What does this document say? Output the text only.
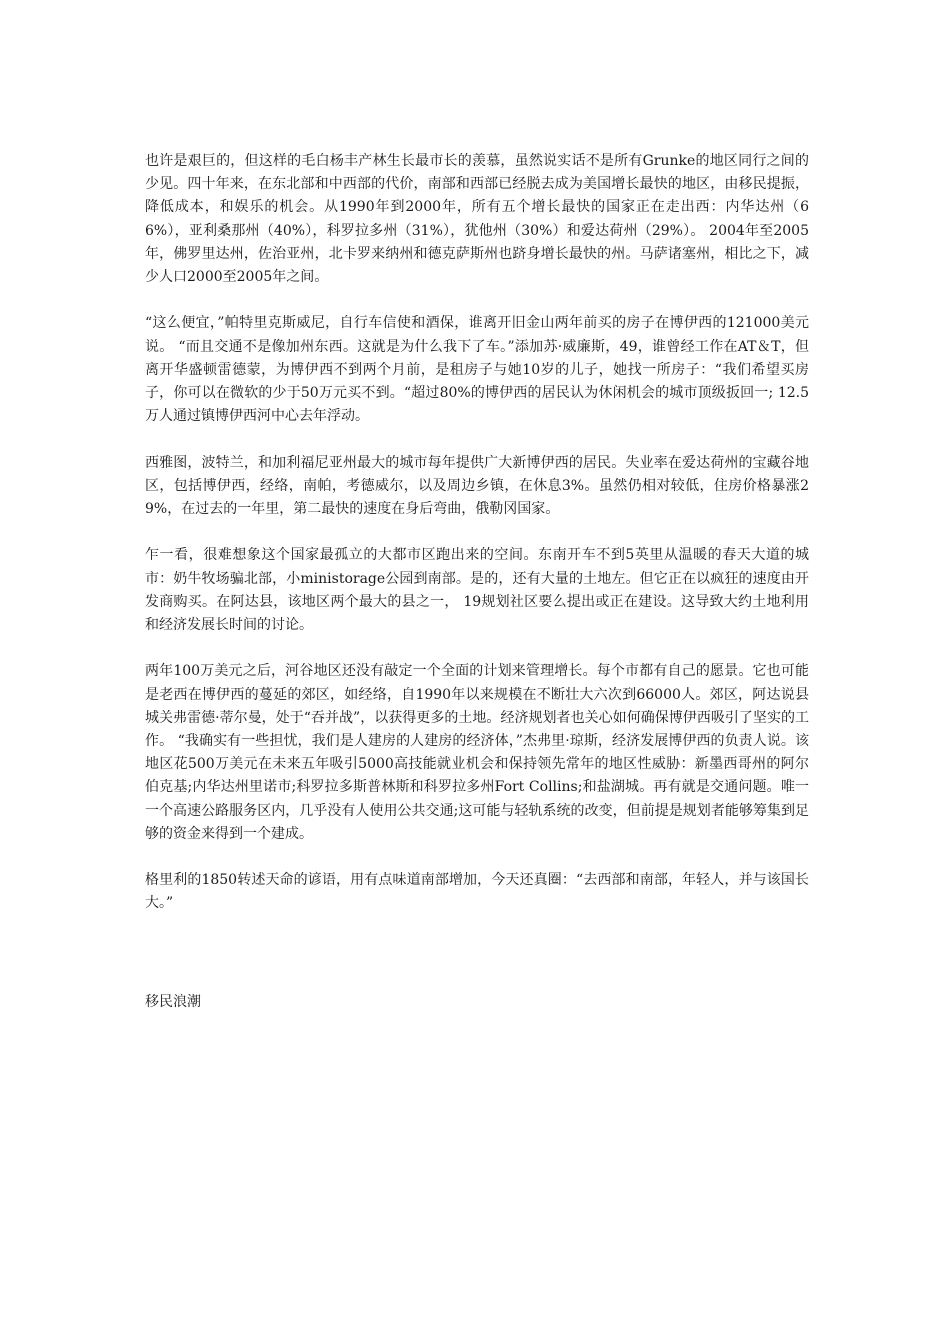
也许是艰巨的，但这样的毛白杨丰产林生长最市长的羡慕，虽然说实话不是所有Grunke的地区同行之间的少见。四十年来，在东北部和中西部的代价，南部和西部已经脱去成为美国增长最快的地区，由移民提振，降低成本，和娱乐的机会。从1990年到2000年，所有五个增长最快的国家正在走出西：内华达州（66%），亚利桑那州（40%），科罗拉多州（31%），犹他州（30%）和爱达荷州（29%）。 2004年至2005年，佛罗里达州，佐治亚州，北卡罗来纳州和德克萨斯州也跻身增长最快的州。马萨诸塞州，相比之下，减少人口2000至2005年之间。

“这么便宜，”帕特里克斯威尼，自行车信使和酒保，谁离开旧金山两年前买的房子在博伊西的121000美元说。 “而且交通不是像加州东西。这就是为什么我下了车。”添加苏·威廉斯，49，谁曾经工作在AT＆T，但离开华盛顿雷德蒙，为博伊西不到两个月前，是租房子与她10岁的儿子，她找一所房子：“我们希望买房子，你可以在微软的少于50万元买不到。“超过80%的博伊西的居民认为休闲机会的城市顶级扳回一; 12.5万人通过镇博伊西河中心去年浮动。

西雅图，波特兰，和加利福尼亚州最大的城市每年提供广大新博伊西的居民。失业率在爱达荷州的宝藏谷地区，包括博伊西，经络，南帕，考德威尔，以及周边乡镇，在休息3%。虽然仍相对较低，住房价格暴涨29%，在过去的一年里，第二最快的速度在身后弯曲，俄勒冈国家。

乍一看，很难想象这个国家最孤立的大都市区跑出来的空间。东南开车不到5英里从温暖的春天大道的城市：奶牛牧场骗北部，小ministorage公园到南部。是的，还有大量的土地左。但它正在以疯狂的速度由开发商购买。在阿达县，该地区两个最大的县之一， 19规划社区要么提出或正在建设。这导致大约土地利用和经济发展长时间的讨论。

两年100万美元之后，河谷地区还没有敲定一个全面的计划来管理增长。每个市都有自己的愿景。它也可能是老西在博伊西的蔓延的郊区，如经络，自1990年以来规模在不断壮大六次到66000人。郊区，阿达说县城关弗雷德·蒂尔曼，处于“吞并战”，以获得更多的土地。经济规划者也关心如何确保博伊西吸引了坚实的工作。 “我确实有一些担忧，我们是人建房的人建房的经济体，”杰弗里·琼斯，经济发展博伊西的负责人说。该地区花500万美元在未来五年吸引5000高技能就业机会和保持领先常年的地区性威胁：新墨西哥州的阿尔伯克基;内华达州里诺市;科罗拉多斯普林斯和科罗拉多州Fort Collins;和盐湖城。再有就是交通问题。唯一一个高速公路服务区内，几乎没有人使用公共交通;这可能与轻轨系统的改变，但前提是规划者能够筹集到足够的资金来得到一个建成。

格里利的1850转述天命的谚语，用有点味道南部增加，今天还真圈：“去西部和南部，年轻人，并与该国长大。”

移民浪潮
